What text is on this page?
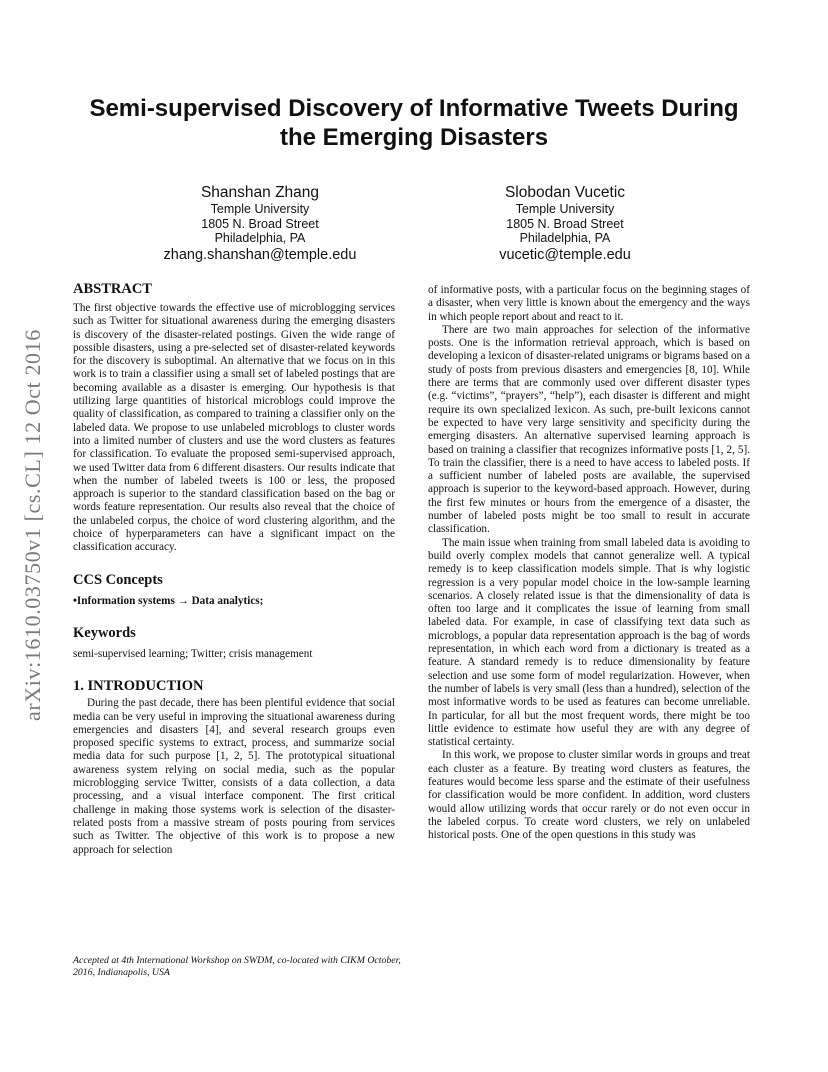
arXiv:1610.03750v1 [cs.CL] 12 Oct 2016
Semi-supervised Discovery of Informative Tweets During the Emerging Disasters
Shanshan Zhang
Temple University
1805 N. Broad Street
Philadelphia, PA
zhang.shanshan@temple.edu
Slobodan Vucetic
Temple University
1805 N. Broad Street
Philadelphia, PA
vucetic@temple.edu
ABSTRACT

The first objective towards the effective use of microblogging services such as Twitter for situational awareness during the emerging disasters is discovery of the disaster-related postings. Given the wide range of possible disasters, using a pre-selected set of disaster-related keywords for the discovery is suboptimal. An alternative that we focus on in this work is to train a classifier using a small set of labeled postings that are becoming available as a disaster is emerging. Our hypothesis is that utilizing large quantities of historical microblogs could improve the quality of classification, as compared to training a classifier only on the labeled data. We propose to use unlabeled microblogs to cluster words into a limited number of clusters and use the word clusters as features for classification. To evaluate the proposed semi-supervised approach, we used Twitter data from 6 different disasters. Our results indicate that when the number of labeled tweets is 100 or less, the proposed approach is superior to the standard classification based on the bag or words feature representation. Our results also reveal that the choice of the unlabeled corpus, the choice of word clustering algorithm, and the choice of hyperparameters can have a significant impact on the classification accuracy.

CCS Concepts
•Information systems → Data analytics;
Keywords

semi-supervised learning; Twitter; crisis management

1. INTRODUCTION

During the past decade, there has been plentiful evidence that social media can be very useful in improving the situational awareness during emergencies and disasters [4], and several research groups even proposed specific systems to extract, process, and summarize social media data for such purpose [1, 2, 5]. The prototypical situational awareness system relying on social media, such as the popular microblogging service Twitter, consists of a data collection, a data processing, and a visual interface component. The first critical challenge in making those systems work is selection of the disaster-related posts from a massive stream of posts pouring from services such as Twitter. The objective of this work is to propose a new approach for selection

of informative posts, with a particular focus on the beginning stages of a disaster, when very little is known about the emergency and the ways in which people report about and react to it.

There are two main approaches for selection of the informative posts. One is the information retrieval approach, which is based on developing a lexicon of disaster-related unigrams or bigrams based on a study of posts from previous disasters and emergencies [8, 10]. While there are terms that are commonly used over different disaster types (e.g. “victims”, “prayers”, “help”), each disaster is different and might require its own specialized lexicon. As such, pre-built lexicons cannot be expected to have very large sensitivity and specificity during the emerging disasters. An alternative supervised learning approach is based on training a classifier that recognizes informative posts [1, 2, 5]. To train the classifier, there is a need to have access to labeled posts. If a sufficient number of labeled posts are available, the supervised approach is superior to the keyword-based approach. However, during the first few minutes or hours from the emergence of a disaster, the number of labeled posts might be too small to result in accurate classification.

The main issue when training from small labeled data is avoiding to build overly complex models that cannot generalize well. A typical remedy is to keep classification models simple. That is why logistic regression is a very popular model choice in the low-sample learning scenarios. A closely related issue is that the dimensionality of data is often too large and it complicates the issue of learning from small labeled data. For example, in case of classifying text data such as microblogs, a popular data representation approach is the bag of words representation, in which each word from a dictionary is treated as a feature. A standard remedy is to reduce dimensionality by feature selection and use some form of model regularization. However, when the number of labels is very small (less than a hundred), selection of the most informative words to be used as features can become unreliable. In particular, for all but the most frequent words, there might be too little evidence to estimate how useful they are with any degree of statistical certainty.

In this work, we propose to cluster similar words in groups and treat each cluster as a feature. By treating word clusters as features, the features would become less sparse and the estimate of their usefulness for classification would be more confident. In addition, word clusters would allow utilizing words that occur rarely or do not even occur in the labeled corpus. To create word clusters, we rely on unlabeled historical posts. One of the open questions in this study was

Accepted at 4th International Workshop on SWDM, co-located with CIKM October, 2016, Indianapolis, USA
